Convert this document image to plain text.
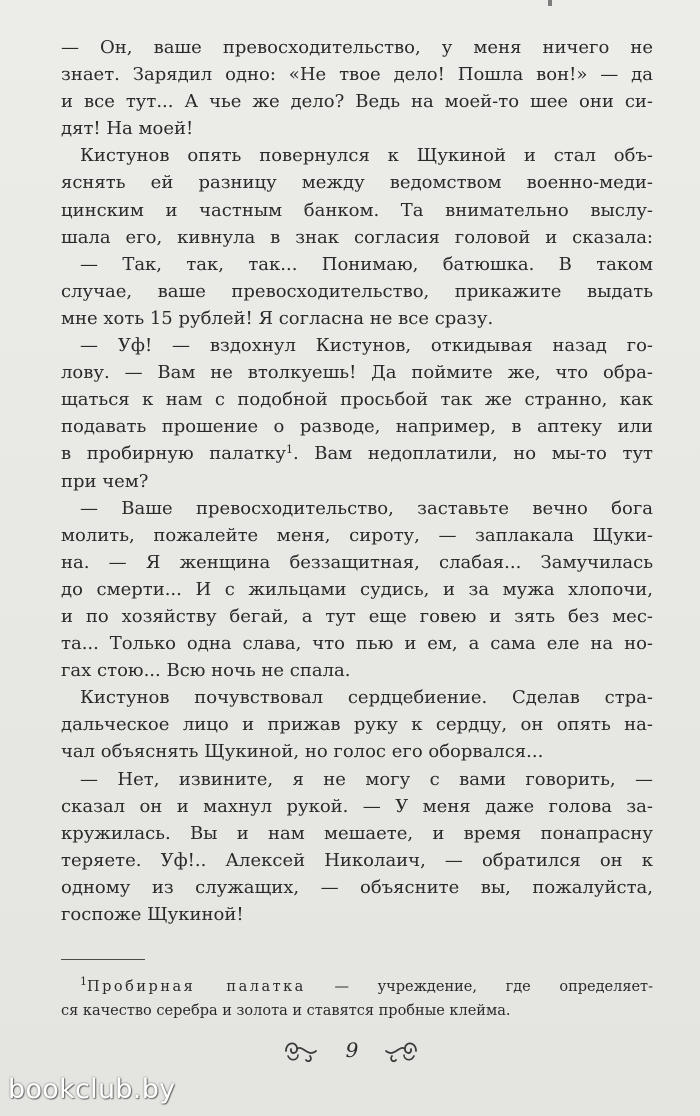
— Он, ваше превосходительство, у меня ничего не
знает. Зарядил одно: «Не твое дело! Пошла вон!» — да
и все тут... А чье же дело? Ведь на моей-то шее они си-
дят! На моей!
Кистунов опять повернулся к Щукиной и стал объ-
яснять ей разницу между ведомством военно-меди-
цинским и частным банком. Та внимательно выслу-
шала его, кивнула в знак согласия головой и сказала:
— Так, так, так... Понимаю, батюшка. В таком
случае, ваше превосходительство, прикажите выдать
мне хоть 15 рублей! Я согласна не все сразу.
— Уф! — вздохнул Кистунов, откидывая назад го-
лову. — Вам не втолкуешь! Да поймите же, что обра-
щаться к нам с подобной просьбой так же странно, как
подавать прошение о разводе, например, в аптеку или
в пробирную палатку$^1$. Вам недоплатили, но мы-то тут
при чем?
— Ваше превосходительство, заставьте вечно бога
молить, пожалейте меня, сироту, — заплакала Щуки-
на. — Я женщина беззащитная, слабая... Замучилась
до смерти... И с жильцами судись, и за мужа хлопочи,
и по хозяйству бегай, а тут еще говею и зять без мес-
та... Только одна слава, что пью и ем, а сама еле на но-
гах стою... Всю ночь не спала.
Кистунов почувствовал сердцебиение. Сделав стра-
дальческое лицо и прижав руку к сердцу, он опять на-
чал объяснять Щукиной, но голос его оборвался...
— Нет, извините, я не могу с вами говорить, —
сказал он и махнул рукой. — У меня даже голова за-
кружилась. Вы и нам мешаете, и время понапрасну
теряете. Уф!.. Алексей Николаич, — обратился он к
одному из служащих, — объясните вы, пожалуйста,
госпоже Щукиной!
$^1$Пробирная палатка — учреждение, где определяет-
ся качество серебра и золота и ставятся пробные клейма.
9
bookclub.by
